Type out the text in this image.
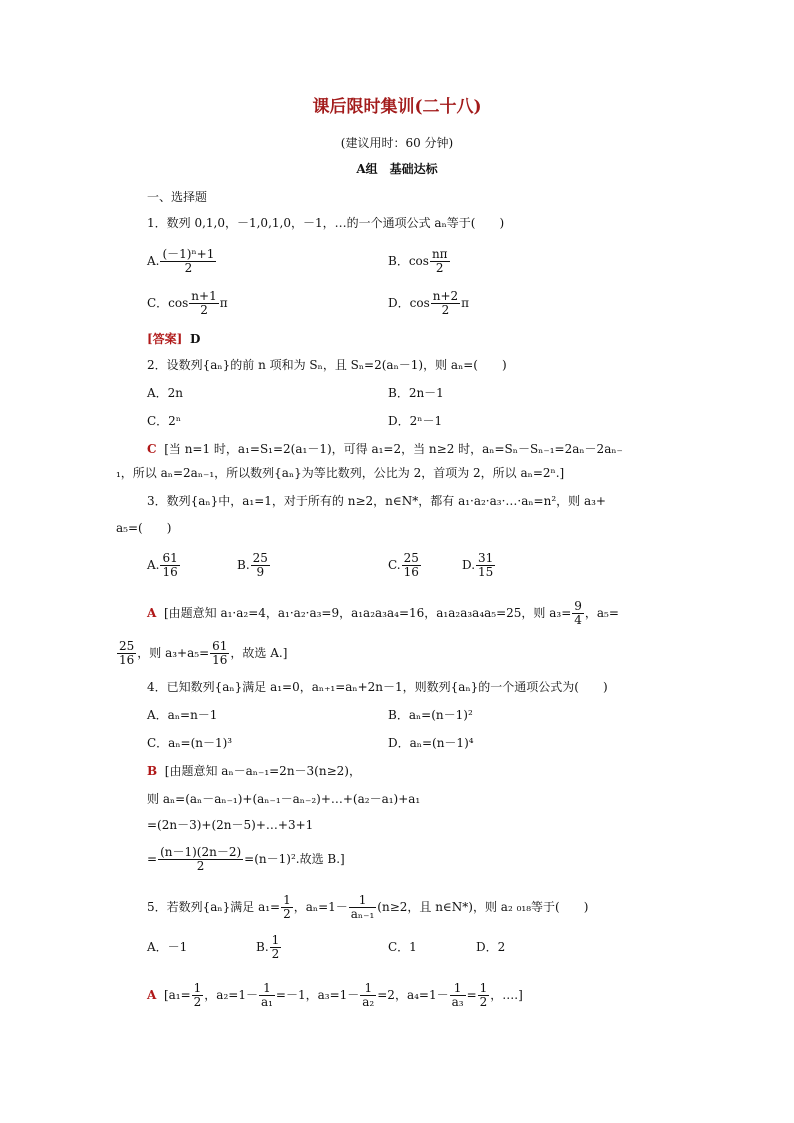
课后限时集训(二十八)
(建议用时：60 分钟)
A组　基础达标
一、选择题
1．数列 0,1,0，－1,0,1,0，－1，…的一个通项公式 aₙ等于(　　)
A. $\frac{\text{(－1)ⁿ+1}}{2}$	B．$\cos \frac{n\pi}{2}$
C．$\cos \frac{n+1}{2}$ π	D．$\cos \frac{n+2}{2}$ π
[答案] D
2．设数列{aₙ}的前 n 项和为 Sₙ，且 Sₙ=2(aₙ－1)，则 aₙ=(　　)
A．2n	B．2n－1
C．2ⁿ	D．2ⁿ－1
C [当 n=1 时，a₁=S₁=2(a₁－1)，可得 a₁=2，当 n≥2 时，aₙ=Sₙ－Sₙ₋₁=2aₙ－2aₙ₋
₁，所以 aₙ=2aₙ₋₁，所以数列{aₙ}为等比数列，公比为 2，首项为 2，所以 aₙ=2ⁿ.]
3．数列{aₙ}中，a₁=1，对于所有的 n≥2，n∈N*，都有 a₁·a₂·a₃·…·aₙ=n²，则 a₃+
a₅=(　　)
A. $\frac{61}{16}$	B. $\frac{25}{9}$	C. $\frac{25}{16}$	D. $\frac{31}{15}$
A [由题意知 a₁·a₂=4，a₁·a₂·a₃=9，a₁a₂a₃a₄=16，a₁a₂a₃a₄a₅=25，则 $a_3= \frac{9}{4}$ ，a₅=
$\frac{25}{16}$ ，则 $a_3+a_5= \frac{61}{16}$ ，故选 A.]
4．已知数列{aₙ}满足 a₁=0，aₙ₊₁=aₙ+2n－1，则数列{aₙ}的一个通项公式为(　　)
A．aₙ=n－1	B．aₙ=(n－1)²
C．aₙ=(n－1)³	D．aₙ=(n－1)⁴
B [由题意知 aₙ－aₙ₋₁=2n－3(n≥2)，
则 aₙ=(aₙ－aₙ₋₁)+(aₙ₋₁－aₙ₋₂)+…+(a₂－a₁)+a₁
=(2n－3)+(2n－5)+…+3+1
= $\frac{(n-1)(2n-2)}{2} =(n-1)^2$.故选 B.]
5．若数列{aₙ}满足 $a_1= \frac{1}{2}$ ，$a_n=1- \frac{1}{\text{aₙ₋₁}} (n\ge 2$，且 n∈N*)，则 a₂ ₀₁₈等于(　　)
A．－1	B. $\frac{1}{2}$	C．1	D．2
A [$a_1= \frac{1}{2}$ ，$a_2=1- \frac{1}{\text{a₁}} =-1$，$a_3=1- \frac{1}{\text{a₂}} =2$，$a_4=1- \frac{1}{\text{a₃}} = \frac{1}{2}$ ，….]
